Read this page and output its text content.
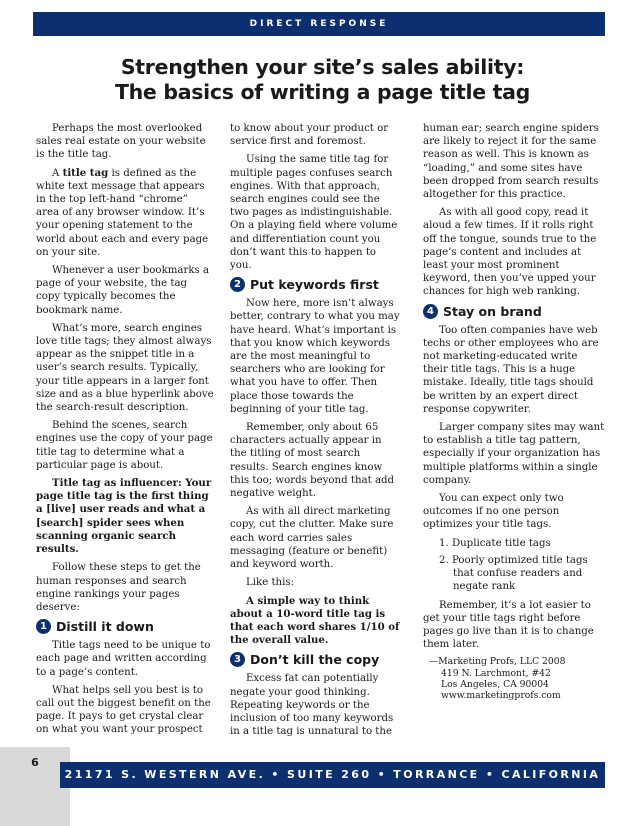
DIRECT RESPONSE
Strengthen your site’s sales ability:
The basics of writing a page title tag

Perhaps the most overlooked sales real estate on your website is the title tag.

A title tag is defined as the white text message that appears in the top left-hand “chrome” area of any browser window. It’s your opening statement to the world about each and every page on your site.

Whenever a user bookmarks a page of your website, the tag copy typically becomes the bookmark name.

What’s more, search engines love title tags; they almost always appear as the snippet title in a user’s search results. Typically, your title appears in a larger font size and as a blue hyperlink above the search-result description.

Behind the scenes, search engines use the copy of your page title tag to determine what a particular page is about.

Title tag as influencer: Your page title tag is the first thing a [live] user reads and what a [search] spider sees when scanning organic search results.

Follow these steps to get the human responses and search engine rankings your pages deserve:

1 Distill it down

Title tags need to be unique to each page and written according to a page’s content.

What helps sell you best is to call out the biggest benefit on the page. It pays to get crystal clear on what you want your prospect

to know about your product or service first and foremost.

Using the same title tag for multiple pages confuses search engines. With that approach, search engines could see the two pages as indistinguishable. On a playing field where volume and differentiation count you don’t want this to happen to you.

2 Put keywords first

Now here, more isn’t always better, contrary to what you may have heard. What’s important is that you know which keywords are the most meaningful to searchers who are looking for what you have to offer. Then place those towards the beginning of your title tag.

Remember, only about 65 characters actually appear in the titling of most search results. Search engines know this too; words beyond that add negative weight.

As with all direct marketing copy, cut the clutter. Make sure each word carries sales messaging (feature or benefit) and keyword worth.

Like this:

A simple way to think about a 10-word title tag is that each word shares 1/10 of the overall value.

3 Don’t kill the copy

Excess fat can potentially negate your good thinking. Repeating keywords or the inclusion of too many keywords in a title tag is unnatural to the

human ear; search engine spiders are likely to reject it for the same reason as well. This is known as “loading,” and some sites have been dropped from search results altogether for this practice.

As with all good copy, read it aloud a few times. If it rolls right off the tongue, sounds true to the page’s content and includes at least your most prominent keyword, then you’ve upped your chances for high web ranking.

4 Stay on brand

Too often companies have web techs or other employees who are not marketing-educated write their title tags. This is a huge mistake. Ideally, title tags should be written by an expert direct response copywriter.

Larger company sites may want to establish a title tag pattern, especially if your organization has multiple platforms within a single company.

You can expect only two outcomes if no one person optimizes your title tags.

1. Duplicate title tags
2. Poorly optimized title tags that confuse readers and negate rank

Remember, it’s a lot easier to get your title tags right before pages go live than it is to change them later.

—Marketing Profs, LLC 2008
419 N. Larchmont, #42
Los Angeles, CA 90004
www.marketingprofs.com
6
21171 S. WESTERN AVE. • SUITE 260 • TORRANCE • CALIFORNIA • 90501
